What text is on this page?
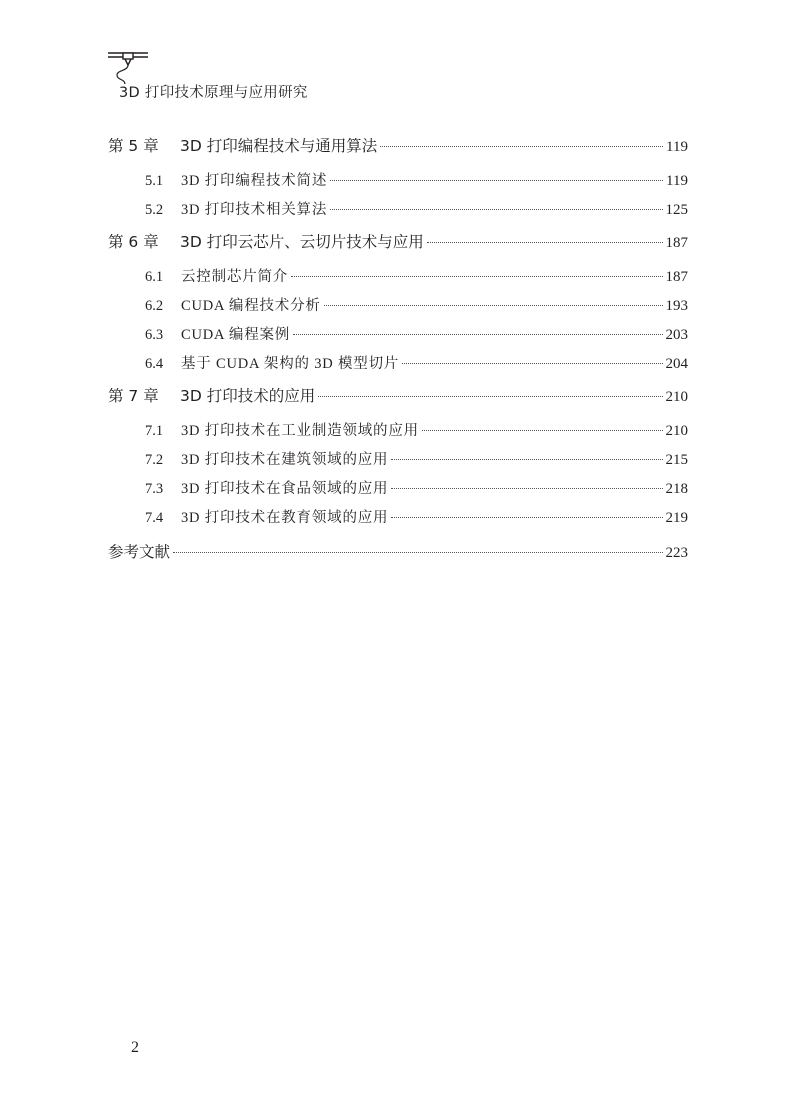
3D 打印技术原理与应用研究
第 5 章	3D 打印编程技术与通用算法	119
5.1	3D 打印编程技术简述	119
5.2	3D 打印技术相关算法	125
第 6 章	3D 打印云芯片、云切片技术与应用	187
6.1	云控制芯片简介	187
6.2	CUDA 编程技术分析	193
6.3	CUDA 编程案例	203
6.4	基于 CUDA 架构的 3D 模型切片	204
第 7 章	3D 打印技术的应用	210
7.1	3D 打印技术在工业制造领域的应用	210
7.2	3D 打印技术在建筑领域的应用	215
7.3	3D 打印技术在食品领域的应用	218
7.4	3D 打印技术在教育领域的应用	219
参考文献	223
2
